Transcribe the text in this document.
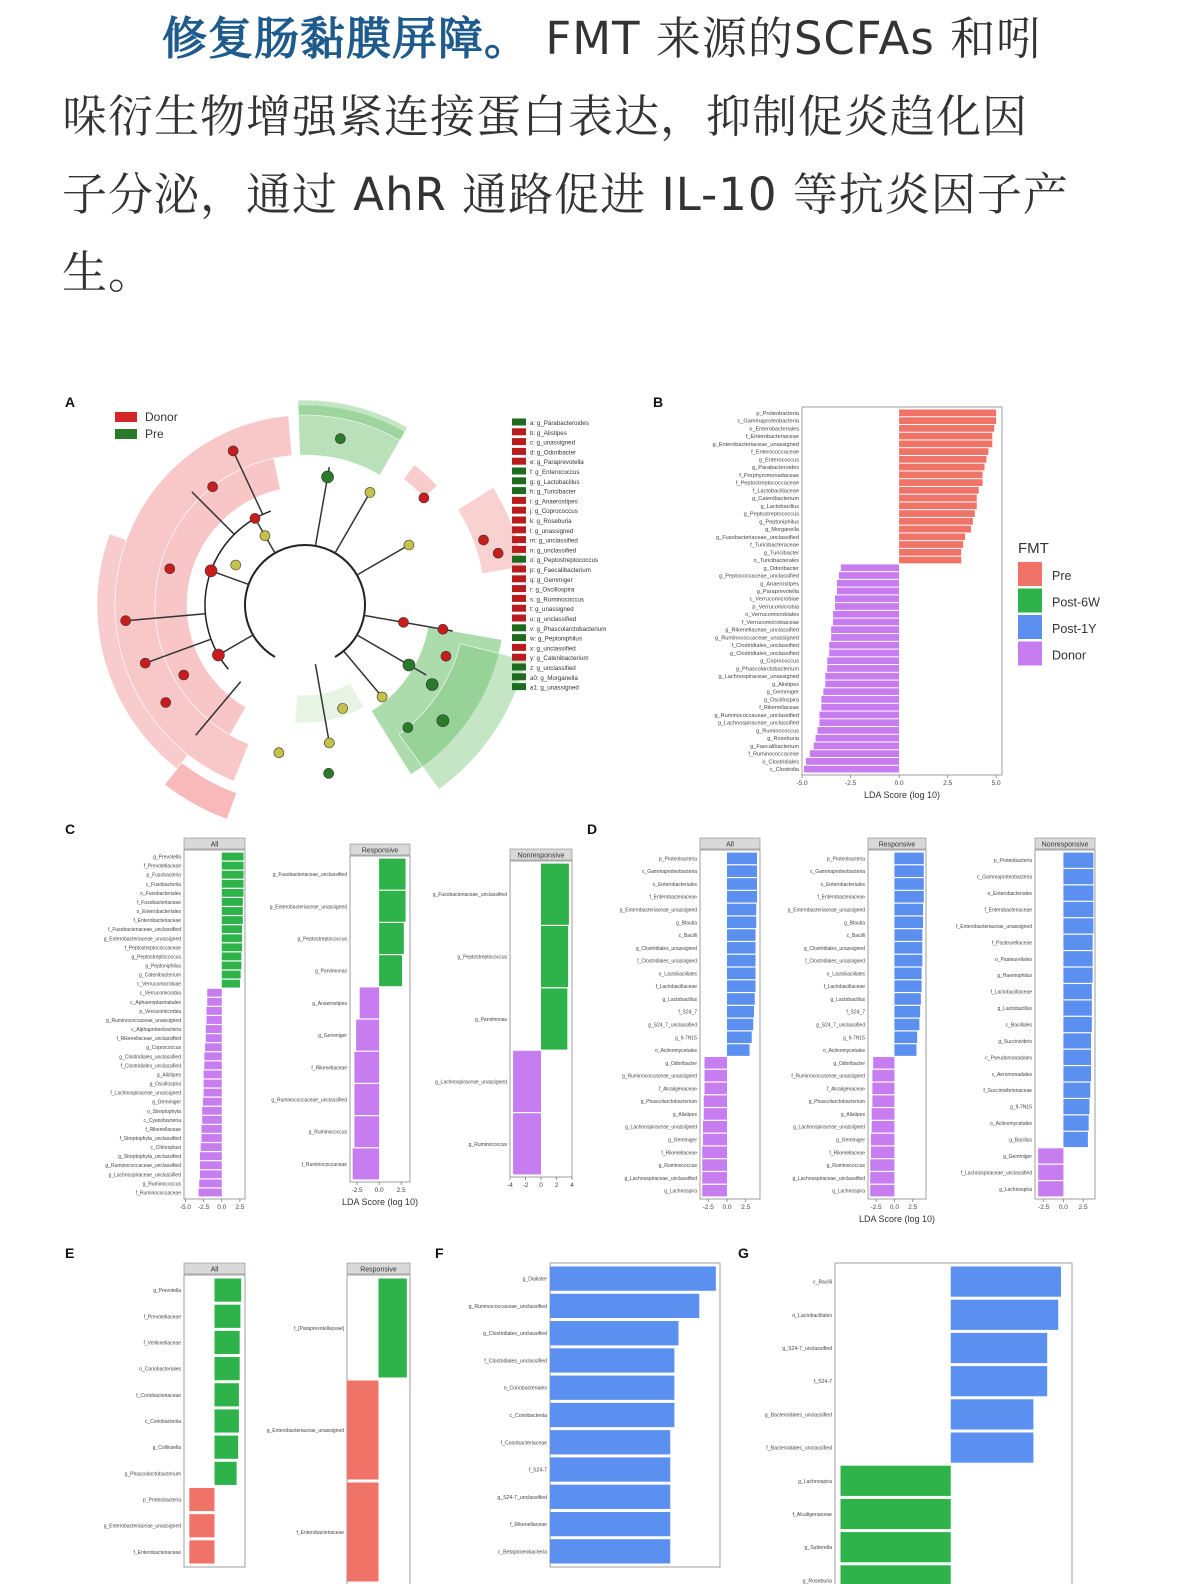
修复肠黏膜屏障。 FMT 来源的SCFAs 和吲
哚衍生物增强紧连接蛋白表达，抑制促炎趋化因
子分泌，通过 AhR 通路促进 IL-10 等抗炎因子产
生。
A	B
C	D
E	F	G
Donor
Pre
a: g_Parabacteroides
b: g_Alistipes
c: g_unassigned
d: g_Odoribacter
e: g_Paraprevotella
f: g_Enterococcus
g: g_Lactobacillus
h: g_Turicibacter
i: g_Anaerostipes
j: g_Coprococcus
k: g_Roseburia
l: g_unassigned
m: g_unclassified
n: g_unclassified
o: g_Peptostreptococcus
p: g_Faecalibacterium
q: g_Gemmiger
r: g_Oscillospira
s: g_Ruminococcus
t: g_unassigned
u: g_unclassified
v: g_Phascolarctobacterium
w: g_Peptoniphilus
x: g_unclassified
y: g_Catenibacterium
z: g_unclassified
a0: g_Morganella
a1: g_unassigned
p_Proteobacteria
c_Gammaproteobacteria
o_Enterobacteriales
f_Enterobacteriaceae
g_Enterobacteriaceae_unassigned
f_Enterococcaceae
g_Enterococcus
g_Parabacteroides
f_Porphyromonadaceae
f_Peptostreptococcaceae
f_Lactobacillaceae
g_Catenibacterium
g_Lactobacillus
g_Peptostreptococcus
g_Peptoniphilus
g_Morganella
g_Fusobacteriaceae_unclassified
f_Turicibacteraceae
g_Turicibacter
o_Turicibacterales
g_Odoribacter
g_Peptococcaceae_unclassified
g_Anaerostipes
g_Paraprevotella
c_Verrucomicrobiae
p_Verrucomicrobia
o_Verrucomicrobiales
f_Verrucomicrobiaceae
g_Rikenellaceae_unclassified
g_Ruminococcaceae_unassigned
f_Clostridiales_unclassified
g_Clostridiales_unclassified
g_Coprococcus
g_Phascolarctobacterium
g_Lachnospiraceae_unassigned
g_Alistipes
g_Gemmiger
g_Oscillospira
f_Rikenellaceae
g_Ruminococcaceae_unclassified
g_Lachnospiraceae_unclassified
g_Ruminococcus
g_Roseburia
g_Faecalibacterium
f_Ruminococcaceae
o_Clostridiales
c_Clostridia
-5.0	-2.5	0.0	2.5	5.0
LDA Score (log 10)
FMT
Pre
Post-6W
Post-1Y
Donor
All
g_Prevotella
f_Prevotellaceae
p_Fusobacteria
c_Fusobacteriia
o_Fusobacteriales
f_Fusobacteriaceae
o_Enterobacteriales
f_Enterobacteriaceae
f_Fusobacteriaceae_unclassified
g_Enterobacteriaceae_unassigned
f_Peptostreptococcaceae
g_Peptostreptococcus
g_Peptoniphilus
g_Catenibacterium
c_Verrucomicrobiae
c_Verrucomicrobia
c_Aphaeroplasmatales
p_Verrucomicrobia
g_Ruminococcaceae_unassigned
c_Alphaproteobacteria
f_Rikenellaceae_unclassified
g_Coprococcus
g_Clostridiales_unclassified
f_Clostridiales_unclassified
g_Alistipes
g_Oscillospira
f_Lachnospiraceae_unassigned
g_Gemmiger
o_Streptophyta
c_Cyanobacteria
f_Rikenellaceae
f_Streptophyta_unclassified
c_Chloroplast
g_Streptophyta_unclassified
g_Ruminococcaceae_unclassified
g_Lachnospiraceae_unclassified
g_Ruminococcus
f_Ruminococcaceae
-5.0 -2.5 0.0 2.5
Responsive
g_Fusobacteriaceae_unclassified
g_Enterobacteriaceae_unassigned
g_Peptostreptococcus
g_Parvimonas
g_Anaerostipes
g_Gemmiger
f_Rikenellaceae
g_Ruminococcaceae_unclassified
g_Ruminococcus
f_Ruminococcaceae
-2.5 0.0 2.5
LDA Score (log 10)
Nonresponsive
g_Fusobacteriaceae_unclassified
g_Peptostreptococcus
g_Parvimonas
g_Lachnospiraceae_unassigned
g_Ruminococcus
-4 -2 0 2 4
All
p_Proteobacteria
c_Gammaproteobacteria
o_Enterobacteriales
f_Enterobacteriaceae
g_Enterobacteriaceae_unassigned
g_Blautia
c_Bacilli
g_Clostridiales_unassigned
f_Clostridiales_unassigned
o_Lactobacillales
f_Lactobacillaceae
g_Lactobacillus
f_S24_7
g_S24_7_unclassified
g_9-7N15
o_Actinomycetales
g_Odoribacter
g_Ruminococcaceae_unassigned
f_Alcaligenaceae
g_Phascolarctobacterium
g_Alistipes
g_Lachnospiraceae_unassigned
g_Gemmiger
f_Rikenellaceae
g_Ruminococcus
g_Lachnospiraceae_unclassified
g_Lachnospira
-2.5 0.0 2.5
Responsive
p_Proteobacteria
c_Gammaproteobacteria
o_Enterobacteriales
f_Enterobacteriaceae
g_Enterobacteriaceae_unassigned
g_Blautia
c_Bacilli
g_Clostridiales_unassigned
f_Clostridiales_unassigned
o_Lactobacillales
f_Lactobacillaceae
g_Lactobacillus
f_S24_7
g_S24_7_unclassified
g_9-7N15
o_Actinomycetales
g_Odoribacter
f_Ruminococcaceae_unassigned
f_Alcaligenaceae
g_Phascolarctobacterium
g_Alistipes
g_Lachnospiraceae_unassigned
g_Gemmiger
f_Rikenellaceae
g_Ruminococcus
g_Lachnospiraceae_unclassified
g_Lachnospira
-2.5 0.0 2.5
LDA Score (log 10)
Nonresponsive
p_Proteobacteria
c_Gammaproteobacteria
o_Enterobacteriales
f_Enterobacteriaceae
f_Enterobacteriaceae_unassigned
f_Pasteurellaceae
o_Pasteurellales
g_Haemophilus
f_Lactobacillaceae
g_Lactobacillus
c_Bacillales
g_Succinivibrio
c_Pseudomonadales
c_Aeromonadales
f_Succinivibrionaceae
g_9-7N15
o_Actinomycetales
g_Bacillus
g_Gemmiger
f_Lachnospiraceae_unclassified
g_Lachnospira
-2.5 0.0 2.5
All
g_Prevotella
f_Prevotellaceae
f_Veillonellaceae
o_Coriobacteriales
f_Coriobacteriaceae
c_Coriobacteriia
g_Collinsella
g_Phascolarctobacterium
p_Proteobacteria
g_Enterobacteriaceae_unassigned
f_Enterobacteriaceae
Responsive
f_[Paraprevotellaceae]
g_Enterobacteriaceae_unassigned
f_Enterobacteriaceae
g_Dialister
g_Ruminococcaceae_unclassified
g_Clostridiales_unclassified
f_Clostridiales_unclassified
o_Coriobacteriales
c_Coriobacteriia
f_Coriobacteriaceae
f_S24-7
g_S24-7_unclassified
f_Rikenellaceae
c_Betaproteobacteria
c_Bacilli
o_Lactobacillales
g_S24-7_unclassified
f_S24-7
g_Bacteroidales_unclassified
f_Bacteroidales_unclassified
g_Lachnospira
f_Alcaligenaceae
g_Sutterella
g_Roseburia
